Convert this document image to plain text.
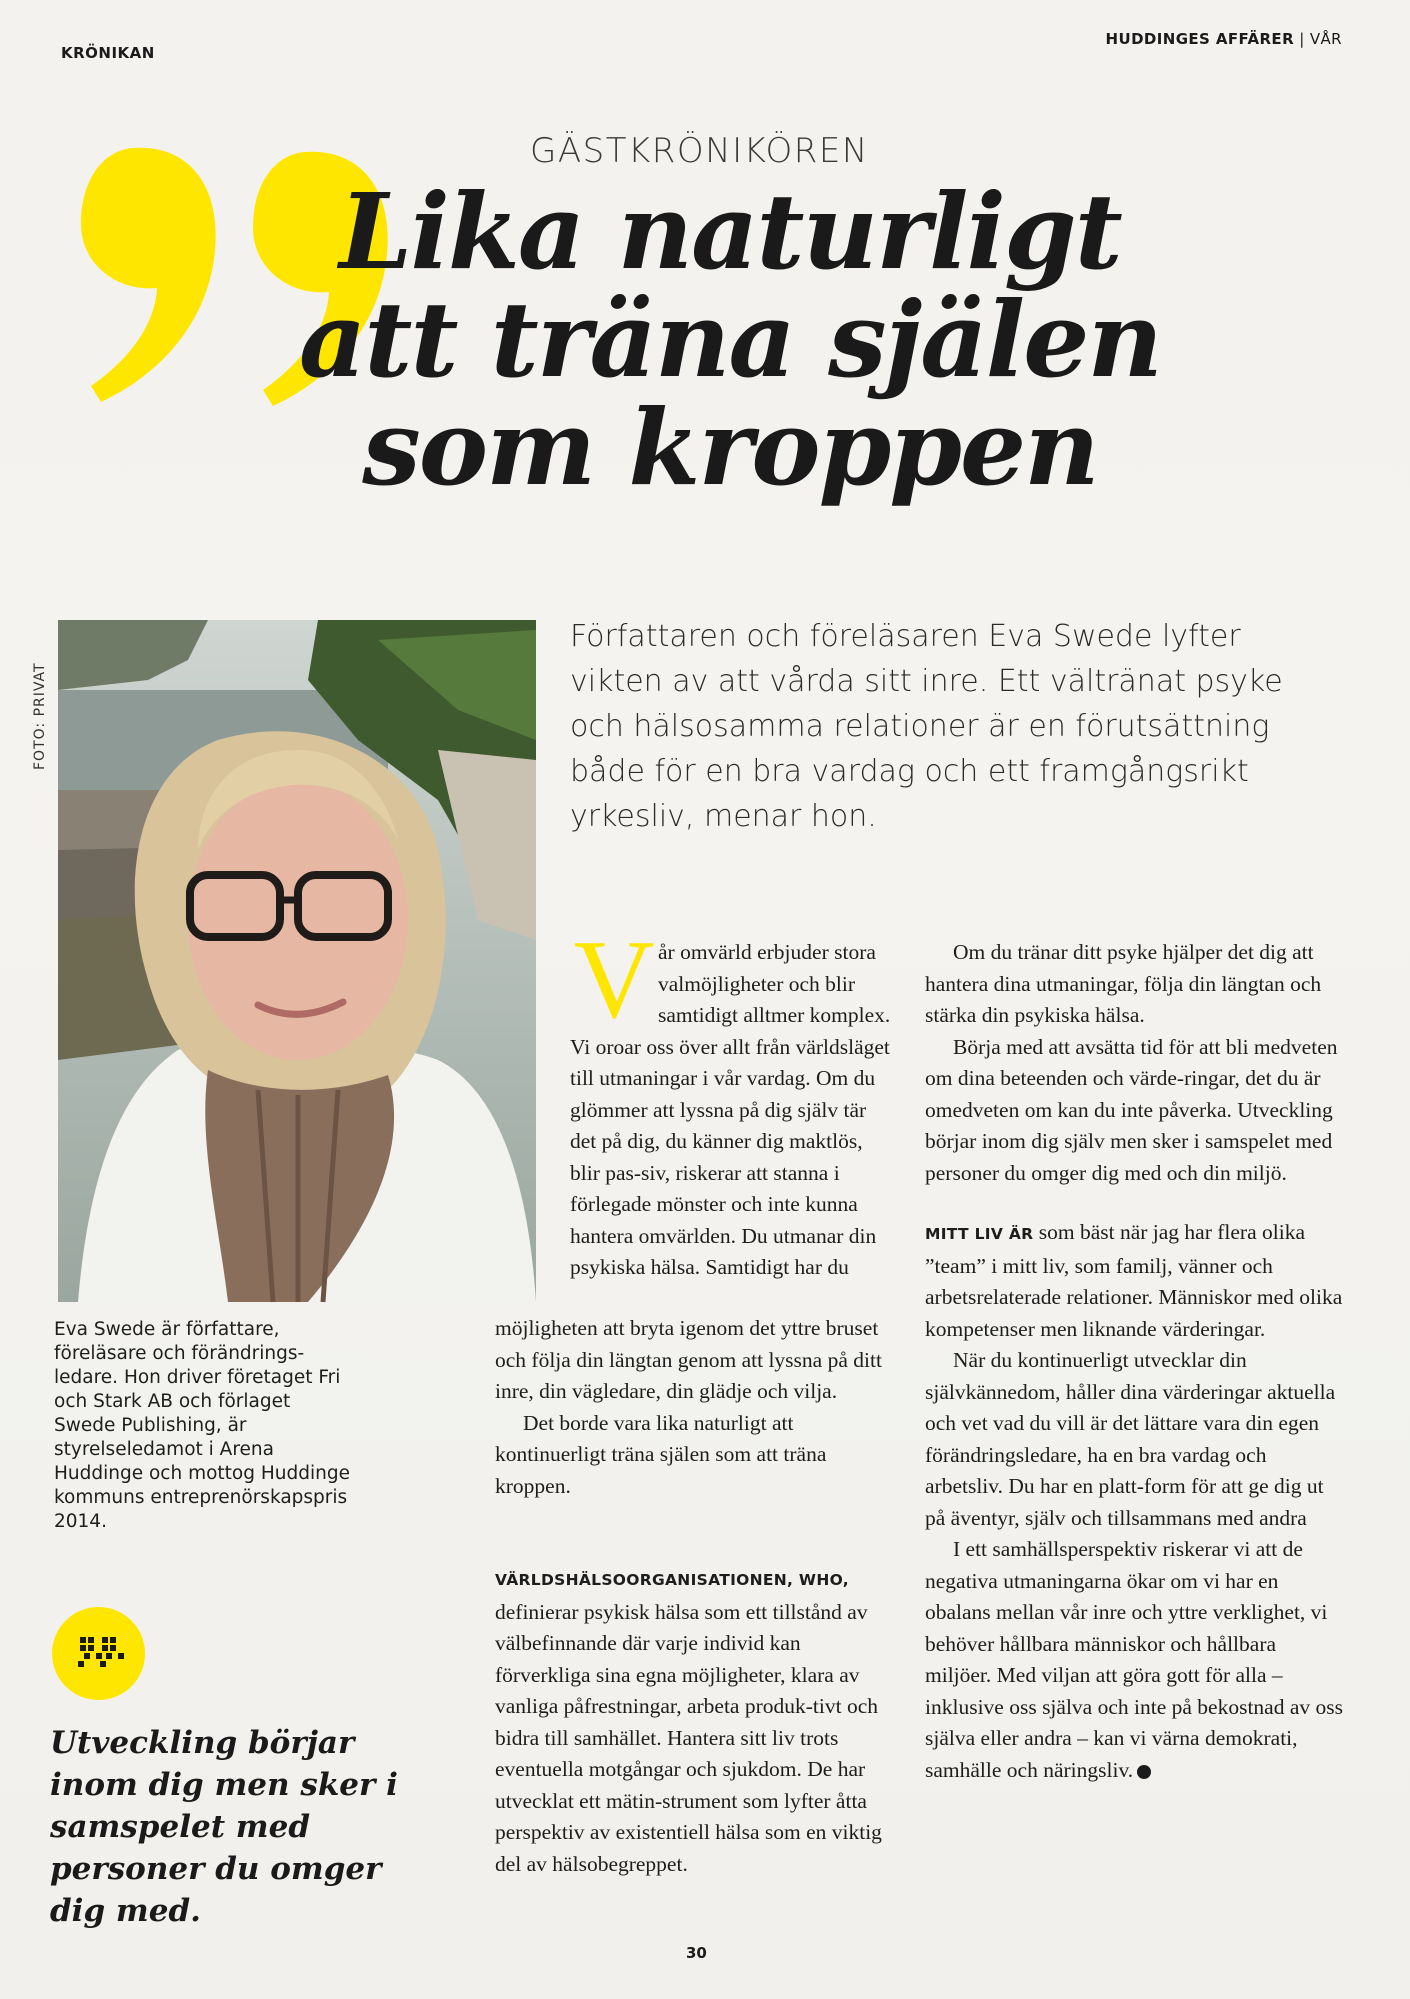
KRÖNIKAN
HUDDINGES AFFÄRER | VÅR
GÄSTKRÖNIKÖREN
Lika naturligt
att träna själen
som kroppen
FOTO: PRIVAT
Eva Swede är författare, föreläsare och förändrings-ledare. Hon driver företaget Fri och Stark AB och förlaget Swede Publishing, är styrelseledamot i Arena Huddinge och mottog Huddinge kommuns entreprenörskapspris 2014.
Författaren och föreläsaren Eva Swede lyfter vikten av att vårda sitt inre. Ett vältränat psyke och hälsosamma relationer är en förutsättning både för en bra vardag och ett framgångsrikt yrkesliv, menar hon.
Utveckling börjar inom dig men sker i samspelet med personer du omger dig med.
V år omvärld erbjuder stora valmöjligheter och blir samtidigt alltmer komplex. Vi oroar oss över allt från världsläget till utmaningar i vår vardag. Om du glömmer att lyssna på dig själv tär det på dig, du känner dig maktlös, blir pas-siv, riskerar att stanna i förlegade mönster och inte kunna hantera omvärlden. Du utmanar din psykiska hälsa. Samtidigt har du

möjligheten att bryta igenom det yttre bruset och följa din längtan genom att lyssna på ditt inre, din vägledare, din glädje och vilja.

Det borde vara lika naturligt att kontinuerligt träna själen som att träna kroppen.

VÄRLDSHÄLSOORGANISATIONEN, WHO,

definierar psykisk hälsa som ett tillstånd av välbefinnande där varje individ kan förverkliga sina egna möjligheter, klara av vanliga påfrestningar, arbeta produk-tivt och bidra till samhället. Hantera sitt liv trots eventuella motgångar och sjukdom. De har utvecklat ett mätin-strument som lyfter åtta perspektiv av existentiell hälsa som en viktig del av hälsobegreppet.

Om du tränar ditt psyke hjälper det dig att hantera dina utmaningar, följa din längtan och stärka din psykiska hälsa.

Börja med att avsätta tid för att bli medveten om dina beteenden och värde-ringar, det du är omedveten om kan du inte påverka. Utveckling börjar inom dig själv men sker i samspelet med personer du omger dig med och din miljö.

MITT LIV ÄR som bäst när jag har flera olika ”team” i mitt liv, som familj, vänner och arbetsrelaterade relationer. Människor med olika kompetenser men liknande värderingar.

När du kontinuerligt utvecklar din självkännedom, håller dina värderingar aktuella och vet vad du vill är det lättare vara din egen förändringsledare, ha en bra vardag och arbetsliv. Du har en platt-form för att ge dig ut på äventyr, själv och tillsammans med andra

I ett samhällsperspektiv riskerar vi att de negativa utmaningarna ökar om vi har en obalans mellan vår inre och yttre verklighet, vi behöver hållbara människor och hållbara miljöer. Med viljan att göra gott för alla – inklusive oss själva och inte på bekostnad av oss själva eller andra – kan vi värna demokrati, samhälle och näringsliv.

30
